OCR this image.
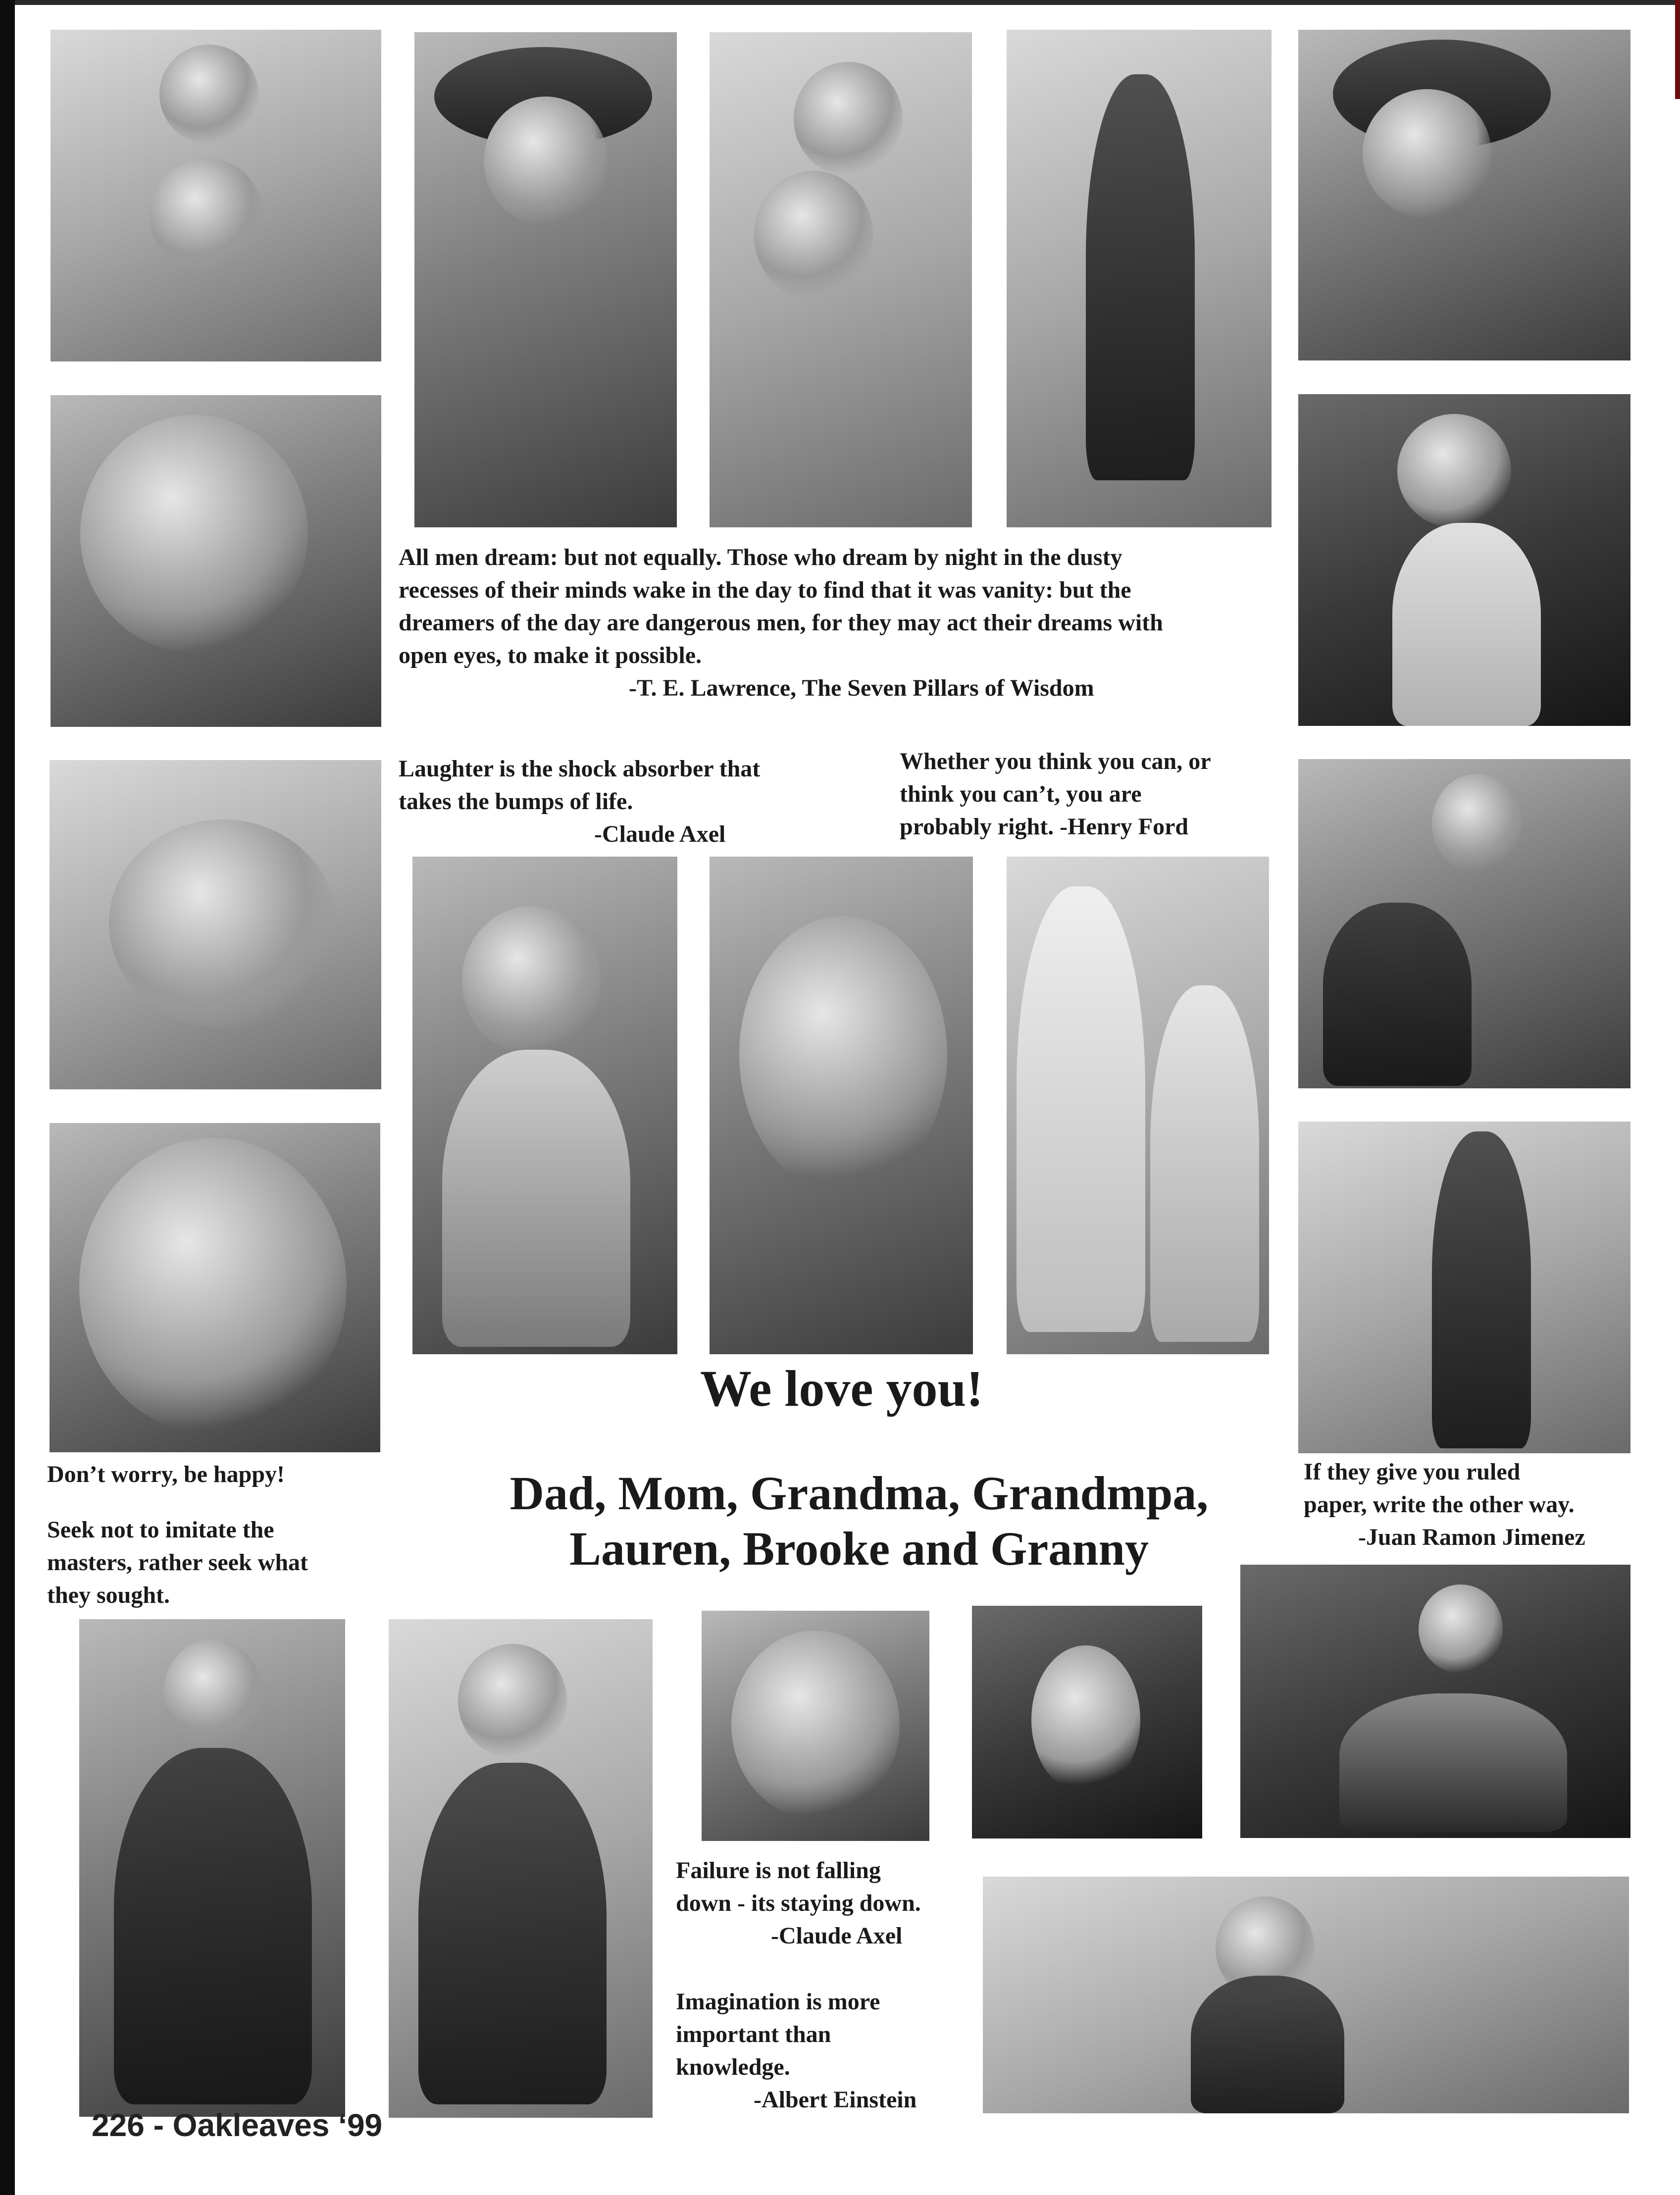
All men dream: but not equally. Those who dream by night in the dusty

recesses of their minds wake in the day to find that it was vanity: but the

dreamers of the day are dangerous men, for they may act their dreams with

open eyes, to make it possible.

-T. E. Lawrence, The Seven Pillars of Wisdom

Laughter is the shock absorber that

takes the bumps of life.

-Claude Axel

Whether you think you can, or

think you can’t, you are

probably right. -Henry Ford

We love you!
Don’t worry, be happy!

Seek not to imitate the

masters, rather seek what

they sought.

Dad, Mom, Grandma, Grandmpa,
Lauren, Brooke and Granny

If they give you ruled

paper, write the other way.

-Juan Ramon Jimenez

Failure is not falling

down - its staying down.

-Claude Axel

Imagination is more

important than

knowledge.

-Albert Einstein

226 - Oakleaves ‘99
